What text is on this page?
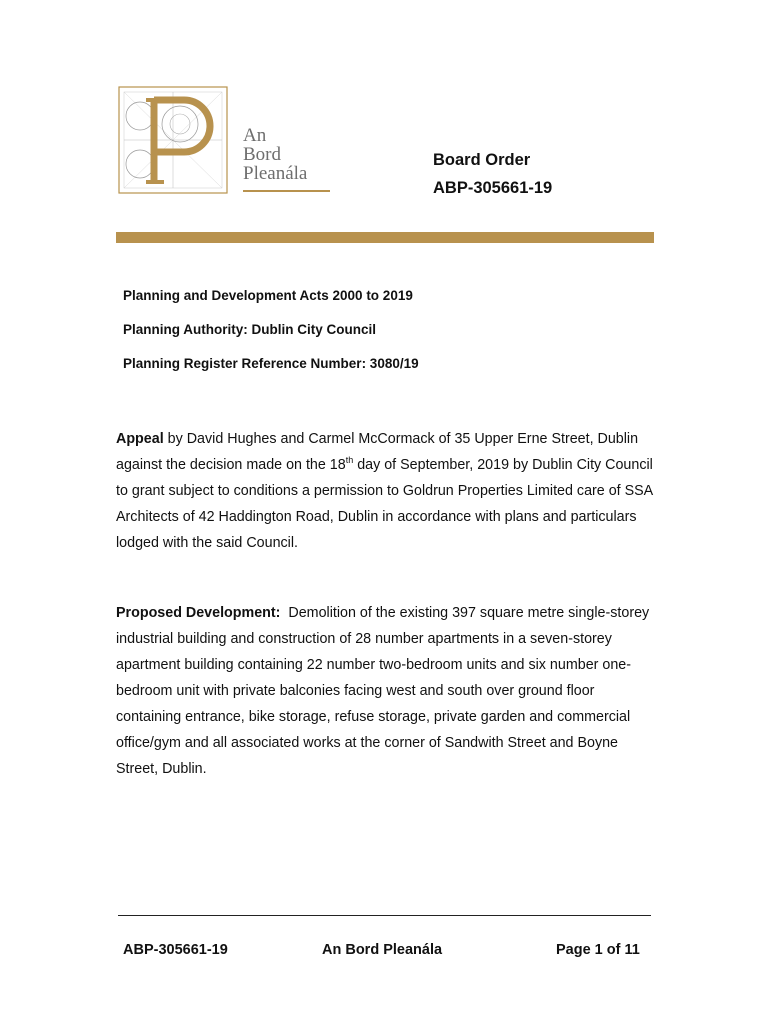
An
Bord
Pleanála
Board Order
ABP-305661-19
Planning and Development Acts 2000 to 2019
Planning Authority: Dublin City Council
Planning Register Reference Number: 3080/19
Appeal by David Hughes and Carmel McCormack of 35 Upper Erne Street, Dublin against the decision made on the 18th day of September, 2019 by Dublin City Council to grant subject to conditions a permission to Goldrun Properties Limited care of SSA Architects of 42 Haddington Road, Dublin in accordance with plans and particulars lodged with the said Council.
Proposed Development:  Demolition of the existing 397 square metre single-storey industrial building and construction of 28 number apartments in a seven-storey apartment building containing 22 number two-bedroom units and six number one-bedroom unit with private balconies facing west and south over ground floor containing entrance, bike storage, refuse storage, private garden and commercial office/gym and all associated works at the corner of Sandwith Street and Boyne Street, Dublin.
ABP-305661-19	An Bord Pleanála	Page 1 of 11
